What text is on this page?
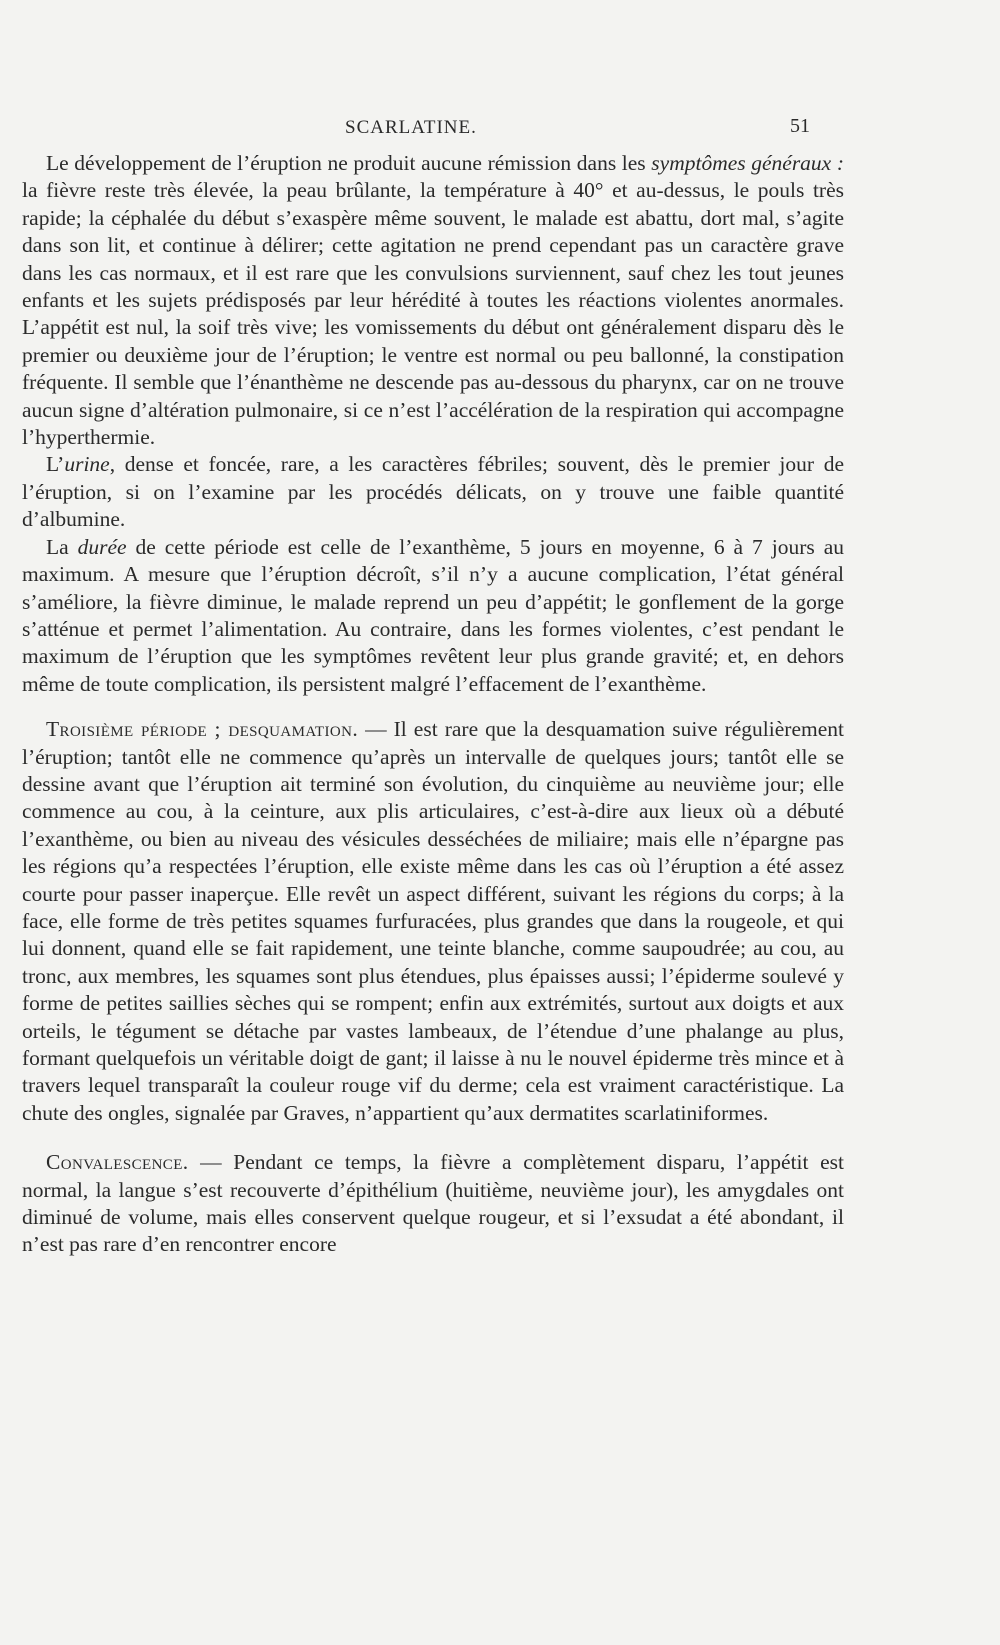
SCARLATINE.	51

Le développement de l’éruption ne produit aucune rémission dans les symptômes généraux : la fièvre reste très élevée, la peau brûlante, la température à 40° et au-dessus, le pouls très rapide; la céphalée du début s’exaspère même souvent, le malade est abattu, dort mal, s’agite dans son lit, et continue à délirer; cette agitation ne prend cependant pas un caractère grave dans les cas normaux, et il est rare que les convulsions surviennent, sauf chez les tout jeunes enfants et les sujets prédisposés par leur hérédité à toutes les réactions violentes anormales. L’appétit est nul, la soif très vive; les vomissements du début ont généralement disparu dès le premier ou deuxième jour de l’éruption; le ventre est normal ou peu ballonné, la constipation fréquente. Il semble que l’énanthème ne descende pas au-dessous du pharynx, car on ne trouve aucun signe d’altération pulmonaire, si ce n’est l’accélération de la respiration qui accompagne l’hyperthermie.

L’urine, dense et foncée, rare, a les caractères fébriles; souvent, dès le premier jour de l’éruption, si on l’examine par les procédés délicats, on y trouve une faible quantité d’albumine.

La durée de cette période est celle de l’exanthème, 5 jours en moyenne, 6 à 7 jours au maximum. A mesure que l’éruption décroît, s’il n’y a aucune complication, l’état général s’améliore, la fièvre diminue, le malade reprend un peu d’appétit; le gonflement de la gorge s’atténue et permet l’alimentation. Au contraire, dans les formes violentes, c’est pendant le maximum de l’éruption que les symptômes revêtent leur plus grande gravité; et, en dehors même de toute complication, ils persistent malgré l’effacement de l’exanthème.

Troisième période ; desquamation. — Il est rare que la desquamation suive régulièrement l’éruption; tantôt elle ne commence qu’après un intervalle de quelques jours; tantôt elle se dessine avant que l’éruption ait terminé son évolution, du cinquième au neuvième jour; elle commence au cou, à la ceinture, aux plis articulaires, c’est-à-dire aux lieux où a débuté l’exanthème, ou bien au niveau des vésicules desséchées de miliaire; mais elle n’épargne pas les régions qu’a respectées l’éruption, elle existe même dans les cas où l’éruption a été assez courte pour passer inaperçue. Elle revêt un aspect différent, suivant les régions du corps; à la face, elle forme de très petites squames furfuracées, plus grandes que dans la rougeole, et qui lui donnent, quand elle se fait rapidement, une teinte blanche, comme saupoudrée; au cou, au tronc, aux membres, les squames sont plus étendues, plus épaisses aussi; l’épiderme soulevé y forme de petites saillies sèches qui se rompent; enfin aux extrémités, surtout aux doigts et aux orteils, le tégument se détache par vastes lambeaux, de l’étendue d’une phalange au plus, formant quelquefois un véritable doigt de gant; il laisse à nu le nouvel épiderme très mince et à travers lequel transparaît la couleur rouge vif du derme; cela est vraiment caractéristique. La chute des ongles, signalée par Graves, n’appartient qu’aux dermatites scarlatiniformes.

Convalescence. — Pendant ce temps, la fièvre a complètement disparu, l’appétit est normal, la langue s’est recouverte d’épithélium (huitième, neuvième jour), les amygdales ont diminué de volume, mais elles conservent quelque rougeur, et si l’exsudat a été abondant, il n’est pas rare d’en rencontrer encore
